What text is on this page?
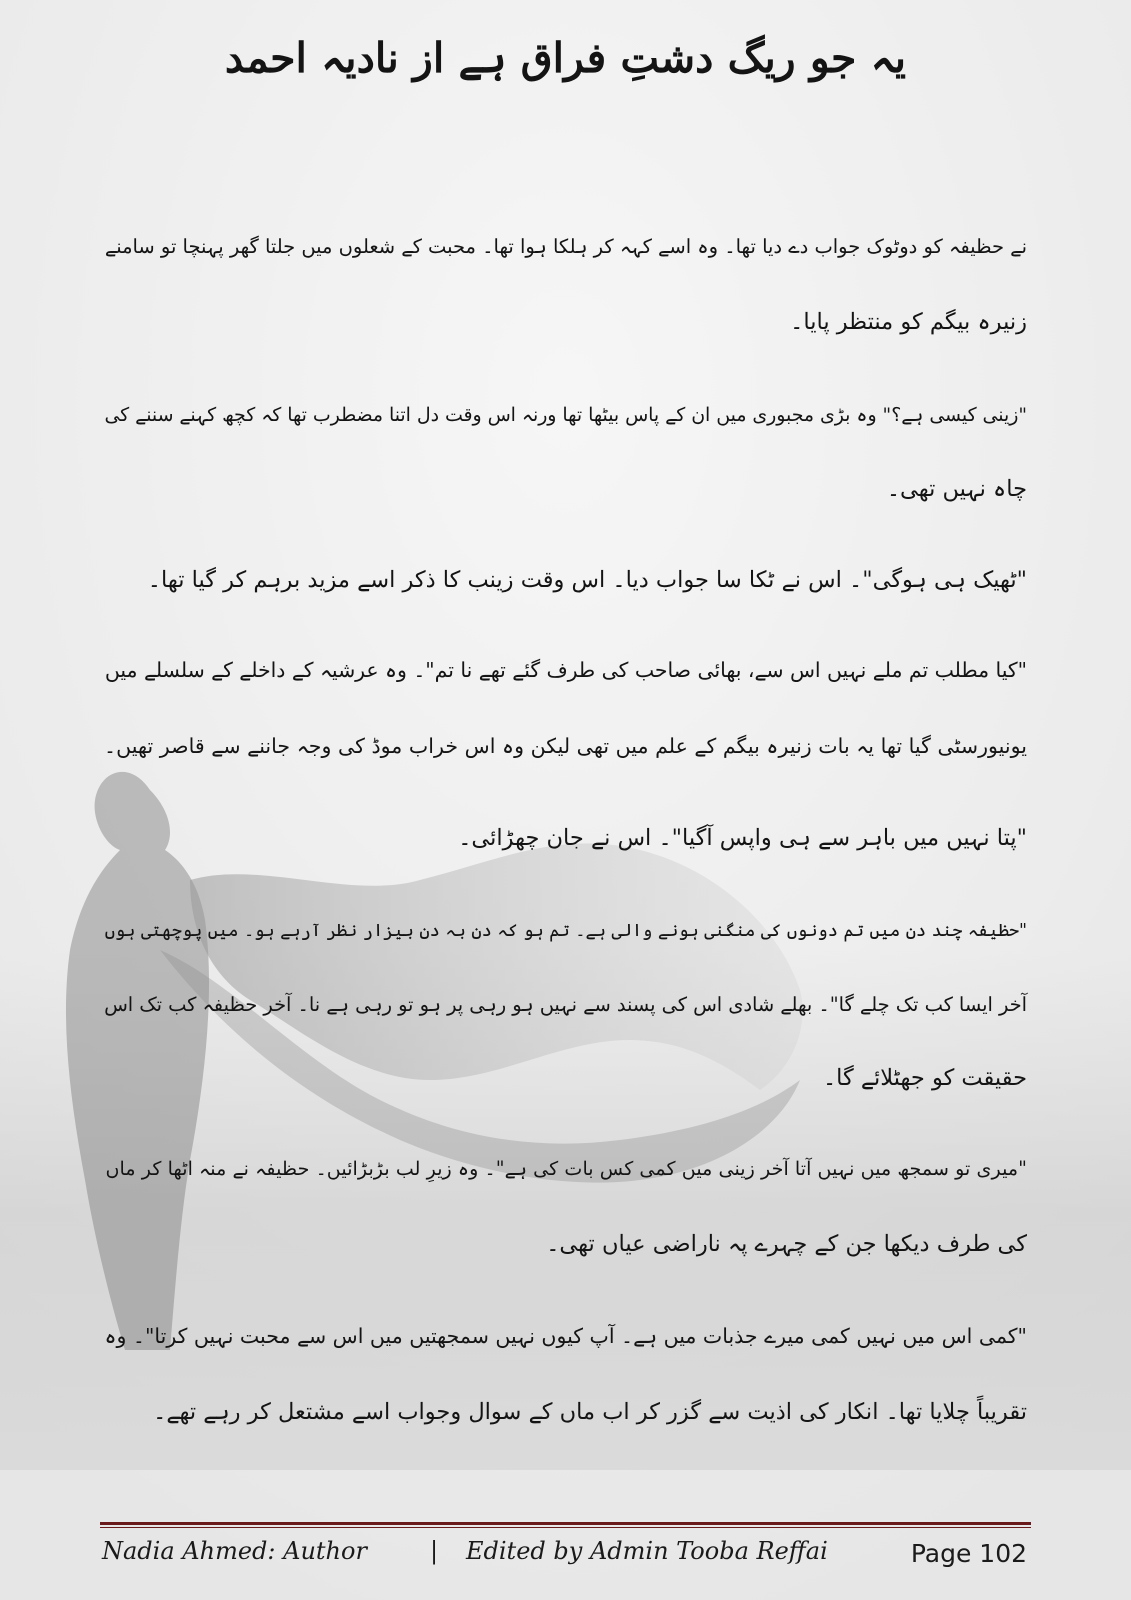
یہ جو ریگ دشتِ فراق ہے از نادیہ احمد
نے حظیفہ کو دوٹوک جواب دے دیا تھا۔ وہ اسے کہہ کر ہلکا ہوا تھا۔ محبت کے شعلوں میں جلتا گھر پہنچا تو سامنے
زنیرہ بیگم کو منتظر پایا۔
"زینی کیسی ہے؟" وہ بڑی مجبوری میں ان کے پاس بیٹھا تھا ورنہ اس وقت دل اتنا مضطرب تھا کہ کچھ کہنے سننے کی
چاہ نہیں تھی۔
"ٹھیک ہی ہوگی"۔ اس نے ٹکا سا جواب دیا۔ اس وقت زینب کا ذکر اسے مزید برہم کر گیا تھا۔
"کیا مطلب تم ملے نہیں اس سے، بھائی صاحب کی طرف گئے تھے نا تم"۔ وہ عرشیہ کے داخلے کے سلسلے میں
یونیورسٹی گیا تھا یہ بات زنیرہ بیگم کے علم میں تھی لیکن وہ اس خراب موڈ کی وجہ جاننے سے قاصر تھیں۔
"پتا نہیں میں باہر سے ہی واپس آگیا"۔ اس نے جان چھڑائی۔
"حظیفہ چند دن میں تم دونوں کی منگنی ہونے والی ہے۔ تم ہو کہ دن بہ دن بیزار نظر آرہے ہو۔ میں پوچھتی ہوں
آخر ایسا کب تک چلے گا"۔ بھلے شادی اس کی پسند سے نہیں ہو رہی پر ہو تو رہی ہے نا۔ آخر حظیفہ کب تک اس
حقیقت کو جھٹلائے گا۔
"میری تو سمجھ میں نہیں آتا آخر زینی میں کمی کس بات کی ہے"۔ وہ زیرِ لب بڑبڑائیں۔ حظیفہ نے منہ اٹھا کر ماں
کی طرف دیکھا جن کے چہرے پہ ناراضی عیاں تھی۔
"کمی اس میں نہیں کمی میرے جذبات میں ہے۔ آپ کیوں نہیں سمجھتیں میں اس سے محبت نہیں کرتا"۔ وہ
تقریباً چلایا تھا۔ انکار کی اذیت سے گزر کر اب ماں کے سوال وجواب اسے مشتعل کر رہے تھے۔
Nadia Ahmed: Author	| Edited by Admin Tooba Reffai	Page 102
